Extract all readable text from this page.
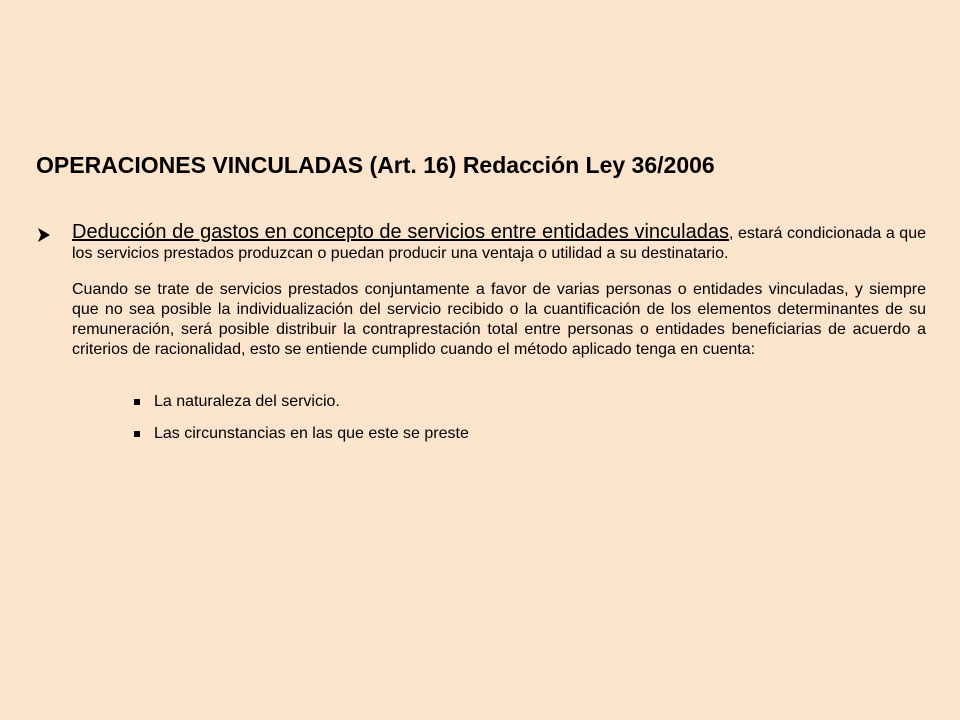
OPERACIONES VINCULADAS (Art. 16) Redacción Ley 36/2006
Deducción de gastos en concepto de servicios entre entidades vinculadas, estará condicionada a que los servicios prestados produzcan o puedan producir una ventaja o utilidad a su destinatario.
Cuando se trate de servicios prestados conjuntamente a favor de varias personas o entidades vinculadas, y siempre que no sea posible la individualización del servicio recibido o la cuantificación de los elementos determinantes de su remuneración, será posible distribuir la contraprestación total entre personas o entidades beneficiarias de acuerdo a criterios de racionalidad, esto se entiende cumplido cuando el método aplicado tenga en cuenta:
La naturaleza del servicio.
Las circunstancias en las que este se preste
